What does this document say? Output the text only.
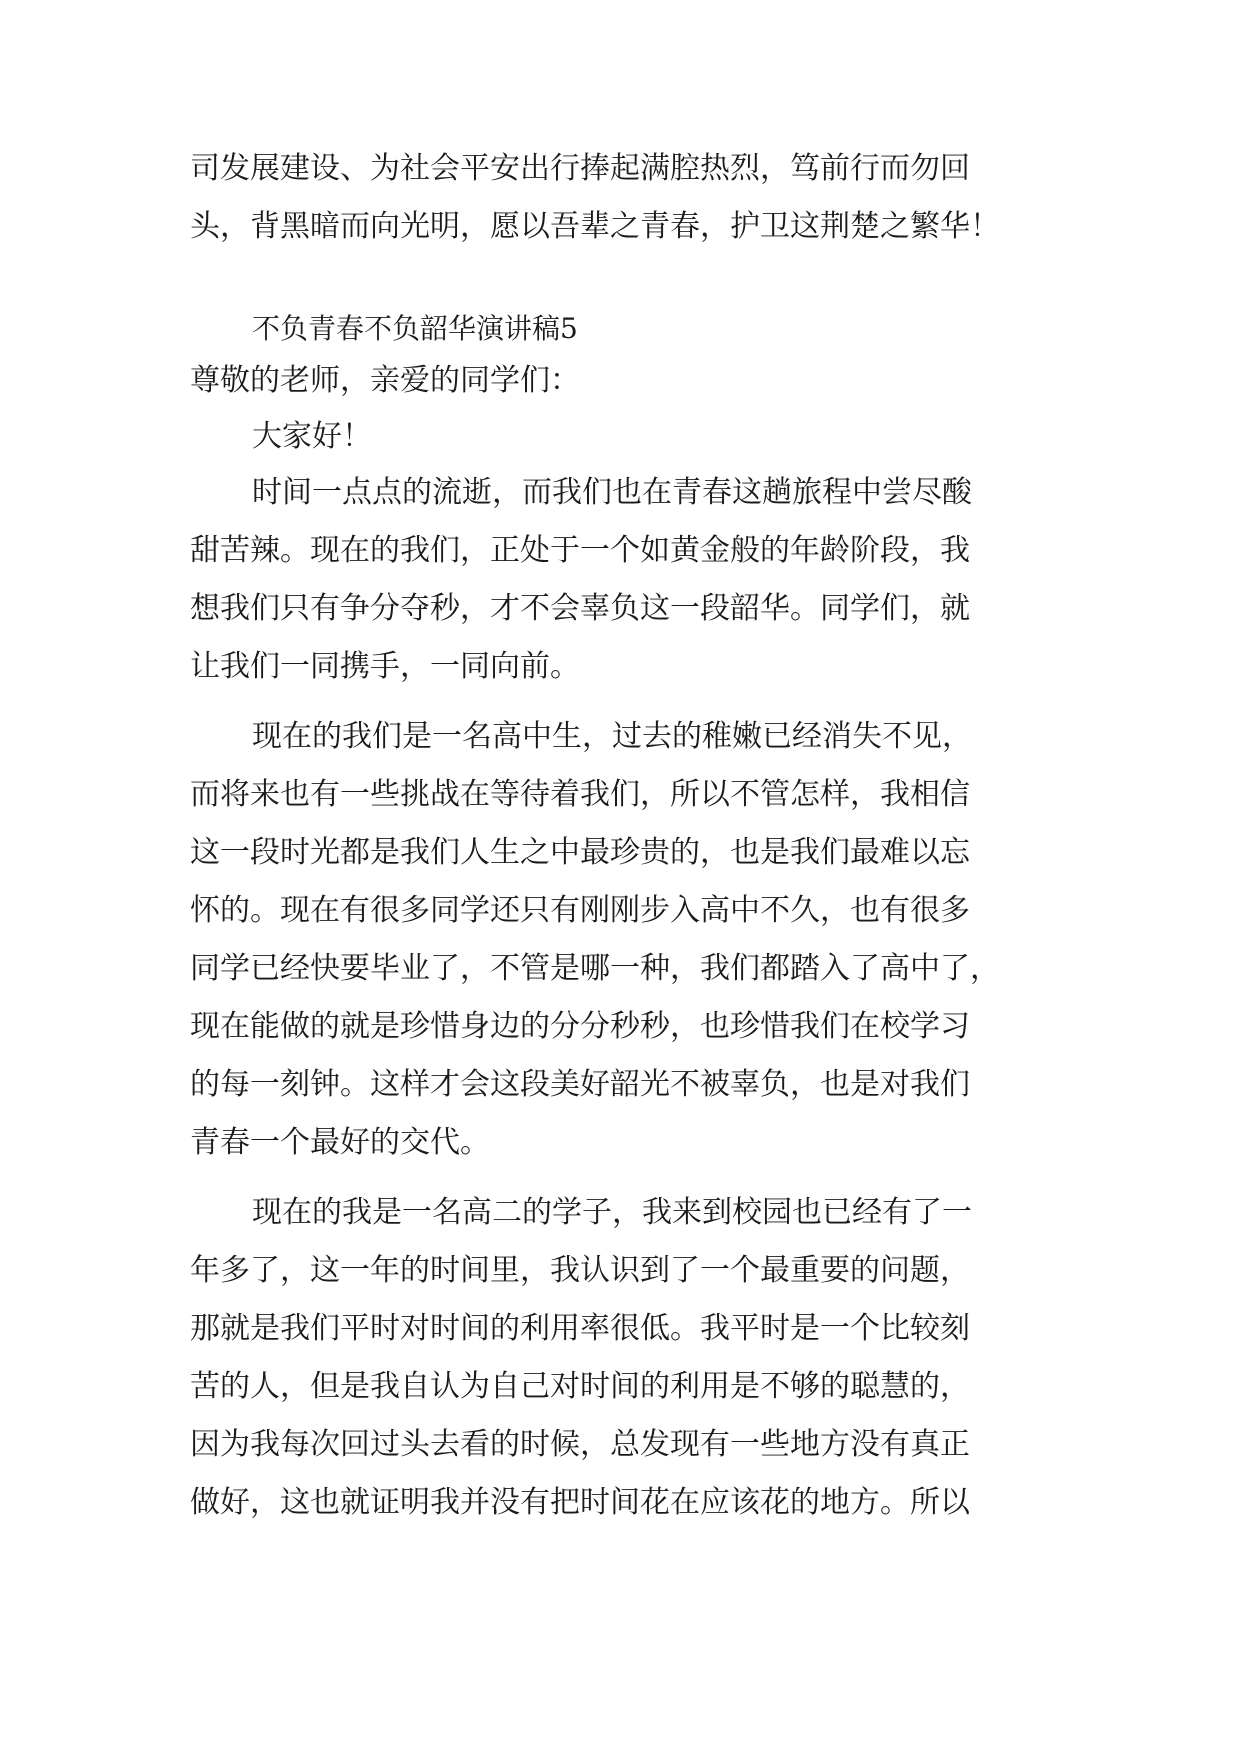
司发展建设、为社会平安出行捧起满腔热烈，笃前行而勿回
头，背黑暗而向光明，愿以吾辈之青春，护卫这荆楚之繁华！
不负青春不负韶华演讲稿5
尊敬的老师，亲爱的同学们：
大家好！
时间一点点的流逝，而我们也在青春这趟旅程中尝尽酸
甜苦辣。现在的我们，正处于一个如黄金般的年龄阶段，我
想我们只有争分夺秒，才不会辜负这一段韶华。同学们，就
让我们一同携手，一同向前。
现在的我们是一名高中生，过去的稚嫩已经消失不见，
而将来也有一些挑战在等待着我们，所以不管怎样，我相信
这一段时光都是我们人生之中最珍贵的，也是我们最难以忘
怀的。现在有很多同学还只有刚刚步入高中不久，也有很多
同学已经快要毕业了，不管是哪一种，我们都踏入了高中了，
现在能做的就是珍惜身边的分分秒秒，也珍惜我们在校学习
的每一刻钟。这样才会这段美好韶光不被辜负，也是对我们
青春一个最好的交代。
现在的我是一名高二的学子，我来到校园也已经有了一
年多了，这一年的时间里，我认识到了一个最重要的问题，
那就是我们平时对时间的利用率很低。我平时是一个比较刻
苦的人，但是我自认为自己对时间的利用是不够的聪慧的，
因为我每次回过头去看的时候，总发现有一些地方没有真正
做好，这也就证明我并没有把时间花在应该花的地方。所以
